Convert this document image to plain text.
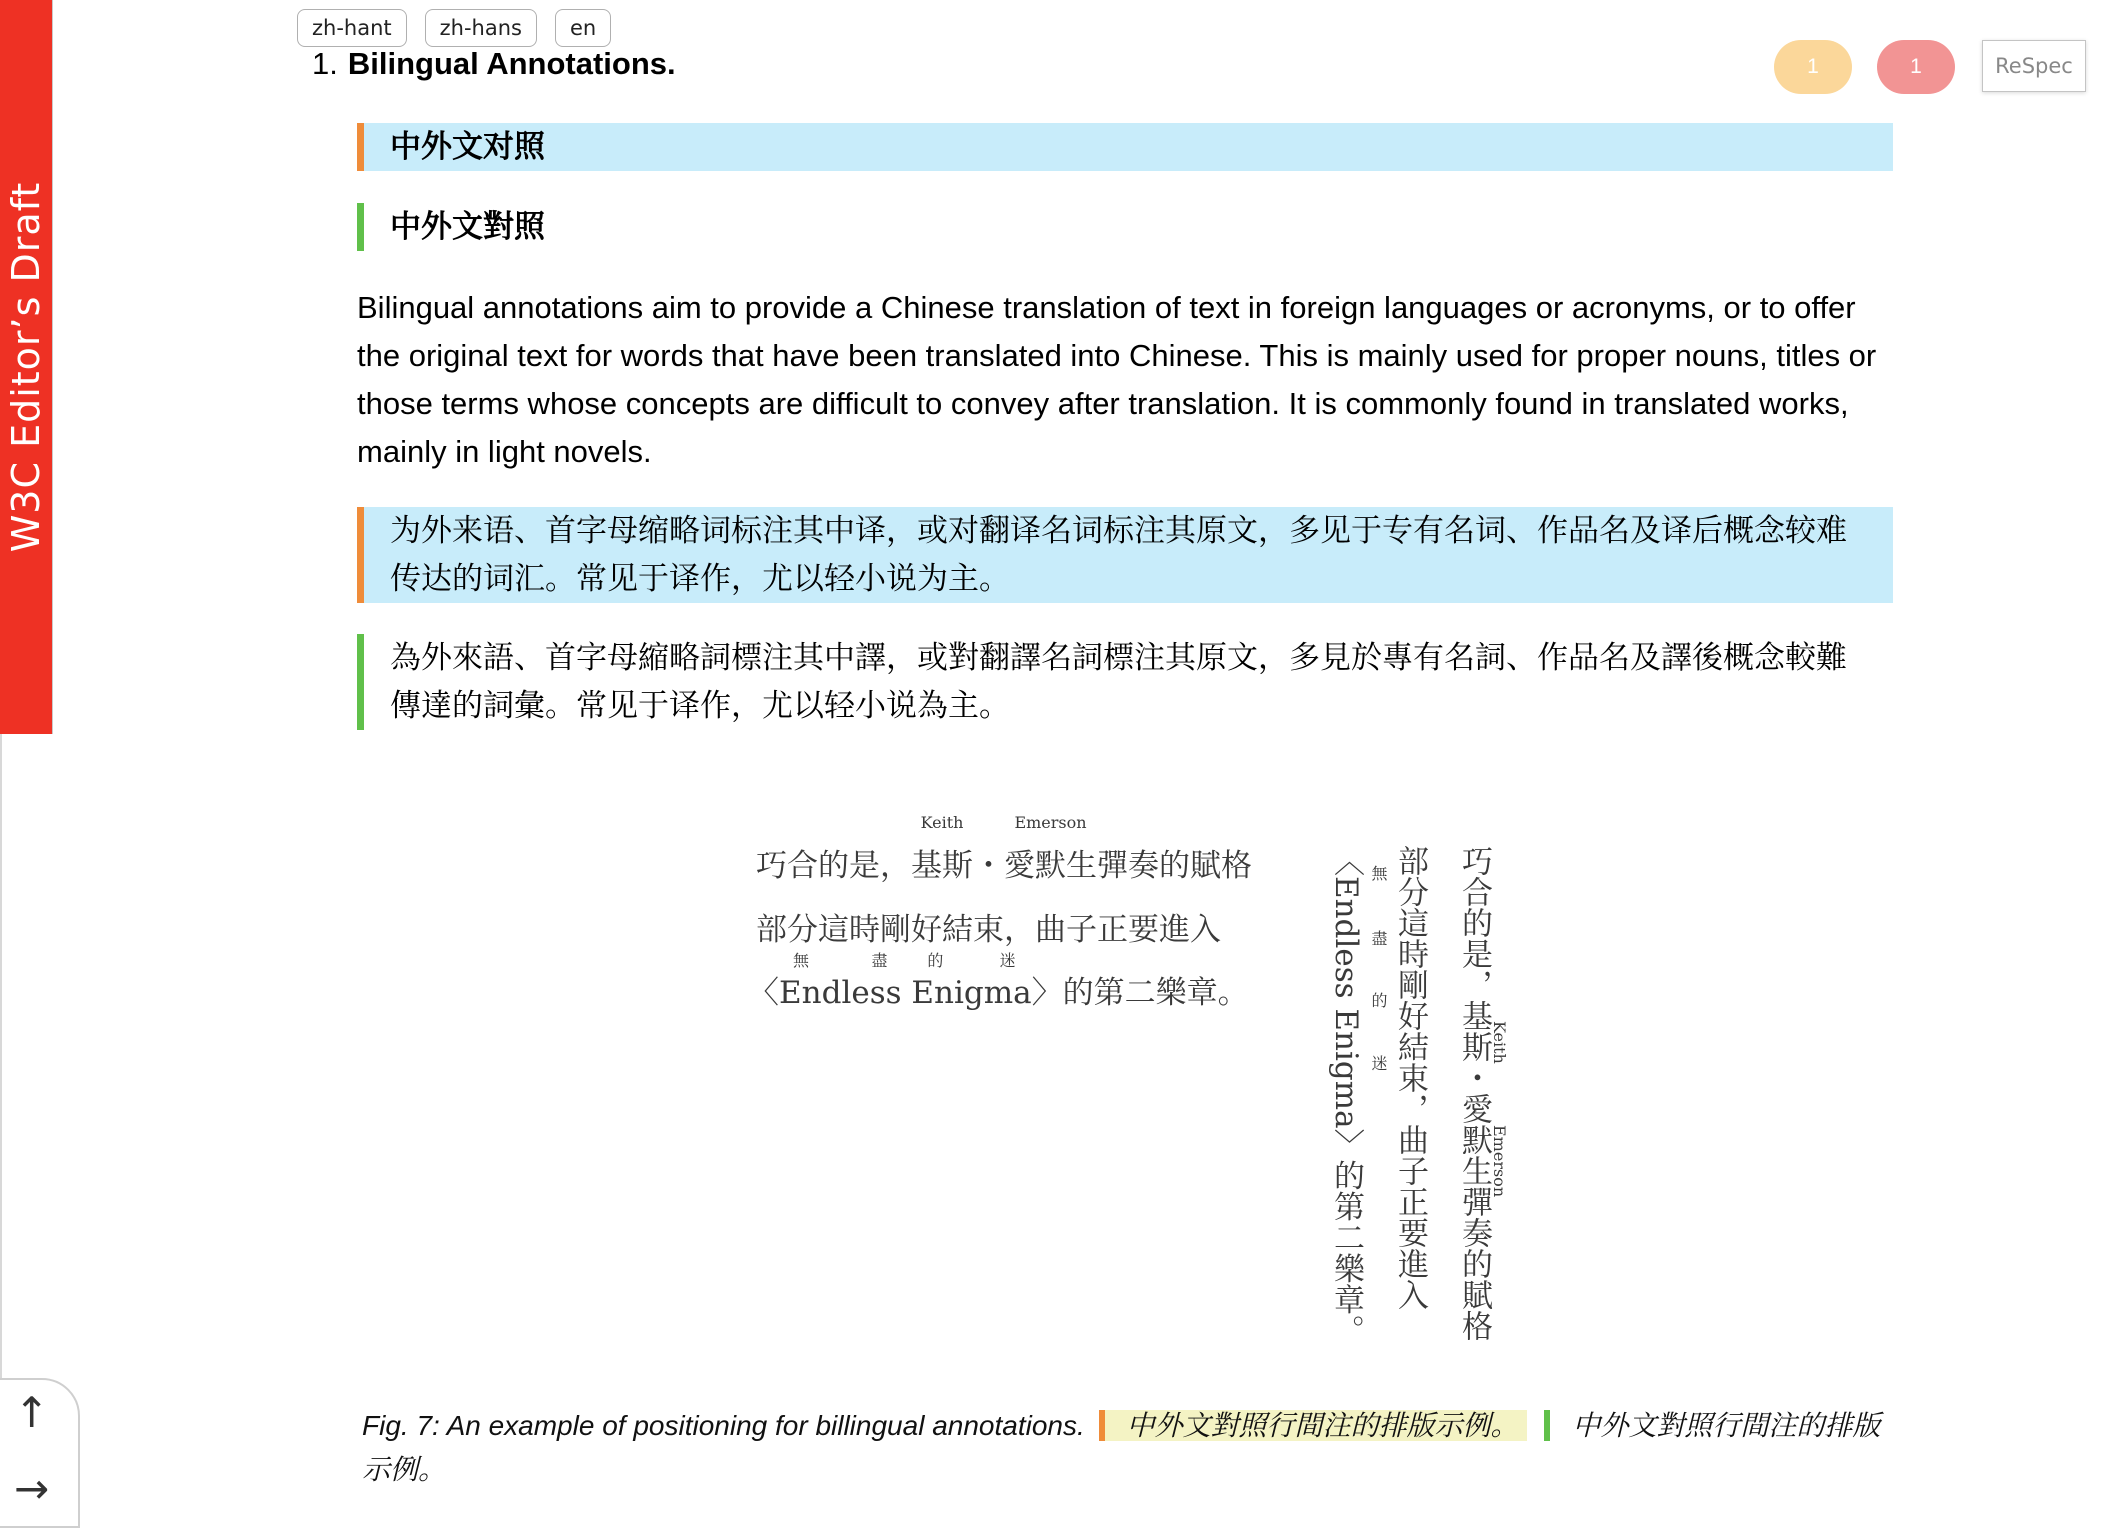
W3C Editor’s Draft
zh-hant	zh-hans	en
1. Bilingual Annotations.	1	1	ReSpec
中外文对照
中外文對照
Bilingual annotations aim to provide a Chinese translation of text in foreign languages or acronyms, or to offer the original text for words that have been translated into Chinese. This is mainly used for proper nouns, titles or those terms whose concepts are difficult to convey after translation. It is commonly found in translated works, mainly in light novels.
为外来语、首字母缩略词标注其中译，或对翻译名词标注其原文，多见于专有名词、作品名及译后概念较难
传达的词汇。常见于译作，尤以轻小说为主。
為外來語、首字母縮略詞標注其中譯，或對翻譯名詞標注其原文，多見於專有名詞、作品名及譯後概念較難
傳達的詞彙。常见于译作，尤以轻小说為主。
巧合的是，基斯
Keith
・愛默生
Emerson
彈奏的賦格
部分這時剛好結束，曲子正要進入
〈Endless
無	盡
Enigma
的	迷
〉的第二樂章。	巧合的是，基斯・愛默生彈奏的賦格
Keith
Emerson
部分這時剛好結束，曲子正要進入
〈Endless Enigma〉的第二樂章。
無
盡
的
迷
Fig. 7: An example of positioning for billingual annotations. 中外文對照行間注的排版示例。 中外文對照行間注的排版示例。
↑
→
